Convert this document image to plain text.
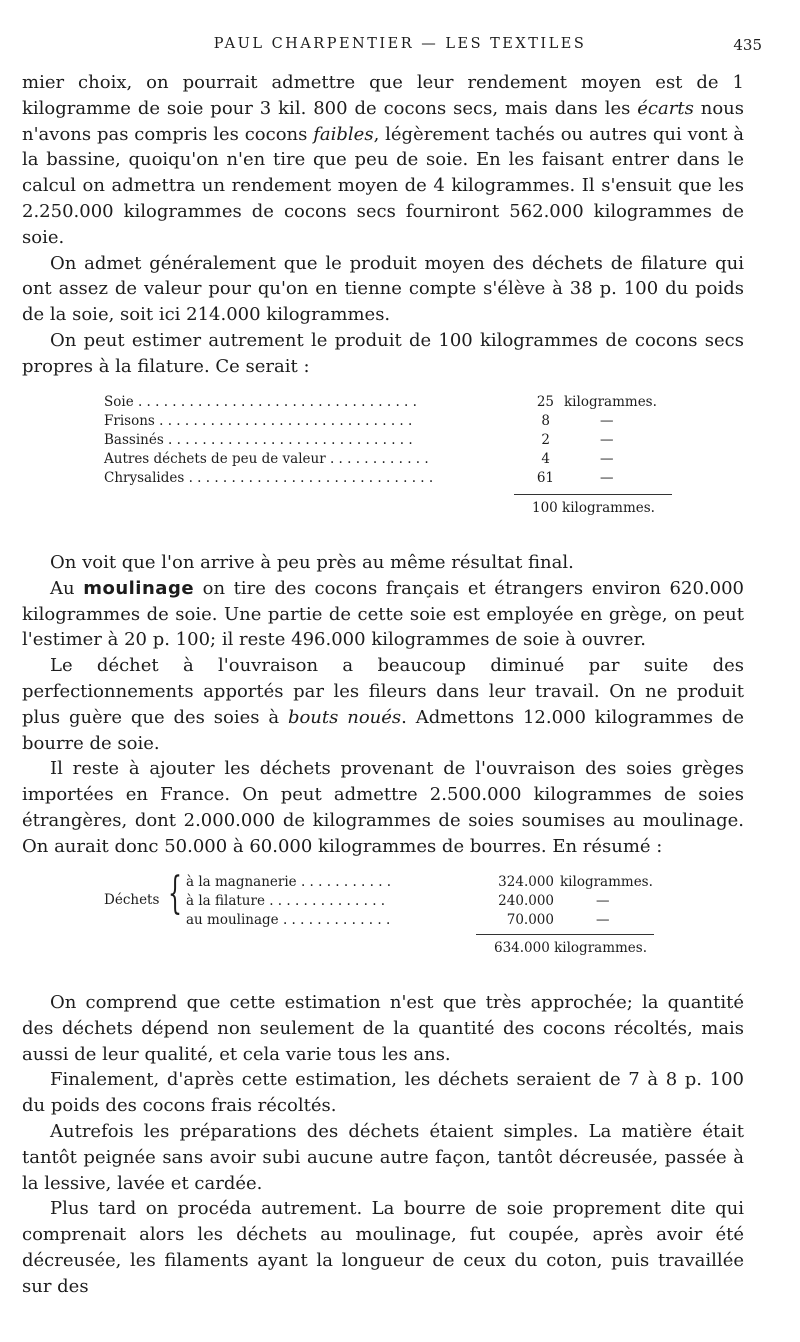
PAUL CHARPENTIER — LES TEXTILES	435

mier choix, on pourrait admettre que leur rendement moyen est de 1 kilogramme de soie pour 3 kil. 800 de cocons secs, mais dans les écarts nous n'avons pas compris les cocons faibles, légèrement tachés ou autres qui vont à la bassine, quoiqu'on n'en tire que peu de soie. En les faisant entrer dans le calcul on admettra un rendement moyen de 4 kilogrammes. Il s'ensuit que les 2.250.000 kilogrammes de cocons secs fourniront 562.000 kilogrammes de soie.

On admet généralement que le produit moyen des déchets de filature qui ont assez de valeur pour qu'on en tienne compte s'élève à 38 p. 100 du poids de la soie, soit ici 214.000 kilogrammes.

On peut estimer autrement le produit de 100 kilogrammes de cocons secs propres à la filature. Ce serait :

Soie . . . . . . . . . . . . . . . . . . . . . . . . . . . . . . . . .	25 kilogrammes.
Frisons . . . . . . . . . . . . . . . . . . . . . . . . . . . . . .	8	—
Bassinés . . . . . . . . . . . . . . . . . . . . . . . . . . . . .	2	—
Autres déchets de peu de valeur . . . . . . . . . . . .	4	—
Chrysalides . . . . . . . . . . . . . . . . . . . . . . . . . . . . .	61	—
100 kilogrammes.

On voit que l'on arrive à peu près au même résultat final.

Au moulinage on tire des cocons français et étrangers environ 620.000 kilogrammes de soie. Une partie de cette soie est employée en grège, on peut l'estimer à 20 p. 100; il reste 496.000 kilogrammes de soie à ouvrer.

Le déchet à l'ouvraison a beaucoup diminué par suite des perfectionnements apportés par les fileurs dans leur travail. On ne produit plus guère que des soies à bouts noués. Admettons 12.000 kilogrammes de bourre de soie.

Il reste à ajouter les déchets provenant de l'ouvraison des soies grèges importées en France. On peut admettre 2.500.000 kilogrammes de soies étrangères, dont 2.000.000 de kilogrammes de soies soumises au moulinage. On aurait donc 50.000 à 60.000 kilogrammes de bourres. En résumé :

Déchets { à la magnanerie . . . . . . . . . . .	324.000 kilogrammes.
à la filature . . . . . . . . . . . . . .	240.000	—
au moulinage . . . . . . . . . . . . .	70.000	—
634.000 kilogrammes.

On comprend que cette estimation n'est que très approchée; la quantité des déchets dépend non seulement de la quantité des cocons récoltés, mais aussi de leur qualité, et cela varie tous les ans.

Finalement, d'après cette estimation, les déchets seraient de 7 à 8 p. 100 du poids des cocons frais récoltés.

Autrefois les préparations des déchets étaient simples. La matière était tantôt peignée sans avoir subi aucune autre façon, tantôt décreusée, passée à la lessive, lavée et cardée.

Plus tard on procéda autrement. La bourre de soie proprement dite qui comprenait alors les déchets au moulinage, fut coupée, après avoir été décreusée, les filaments ayant la longueur de ceux du coton, puis travaillée sur des
